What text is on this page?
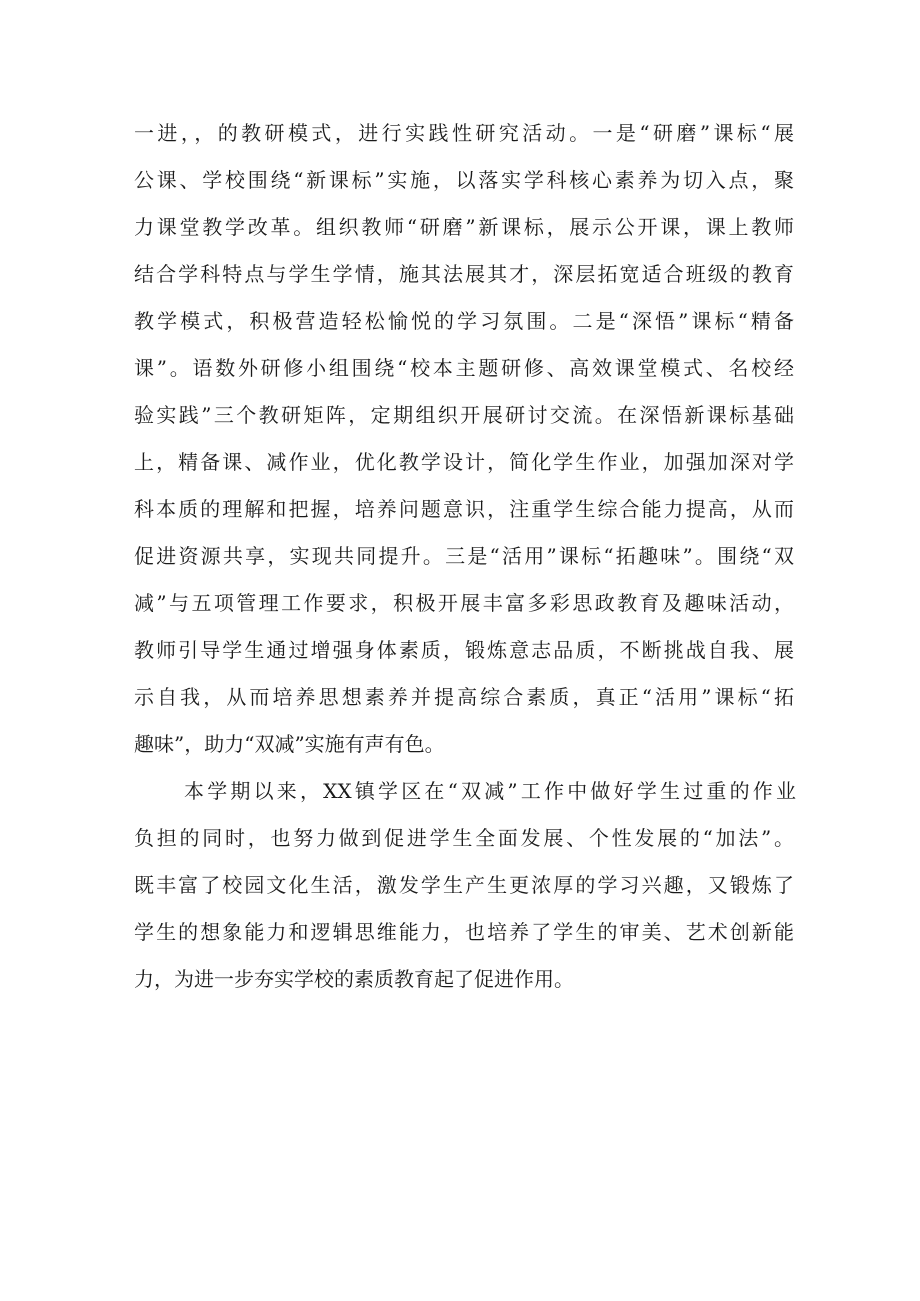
一进，，的教研模式，进行实践性研究活动。一是“研磨”课标“展
公课、学校围绕“新课标”实施，以落实学科核心素养为切入点，聚
力课堂教学改革。组织教师“研磨”新课标，展示公开课，课上教师
结合学科特点与学生学情，施其法展其才，深层拓宽适合班级的教育
教学模式，积极营造轻松愉悦的学习氛围。二是“深悟”课标“精备
课”。语数外研修小组围绕“校本主题研修、高效课堂模式、名校经
验实践”三个教研矩阵，定期组织开展研讨交流。在深悟新课标基础
上，精备课、减作业，优化教学设计，简化学生作业，加强加深对学
科本质的理解和把握，培养问题意识，注重学生综合能力提高，从而
促进资源共享，实现共同提升。三是“活用”课标“拓趣味”。围绕“双
减”与五项管理工作要求，积极开展丰富多彩思政教育及趣味活动，
教师引导学生通过增强身体素质，锻炼意志品质，不断挑战自我、展
示自我，从而培养思想素养并提高综合素质，真正“活用”课标“拓
趣味”，助力“双减”实施有声有色。
本学期以来，XX镇学区在“双减”工作中做好学生过重的作业
负担的同时，也努力做到促进学生全面发展、个性发展的“加法”。
既丰富了校园文化生活，激发学生产生更浓厚的学习兴趣，又锻炼了
学生的想象能力和逻辑思维能力，也培养了学生的审美、艺术创新能
力，为进一步夯实学校的素质教育起了促进作用。
